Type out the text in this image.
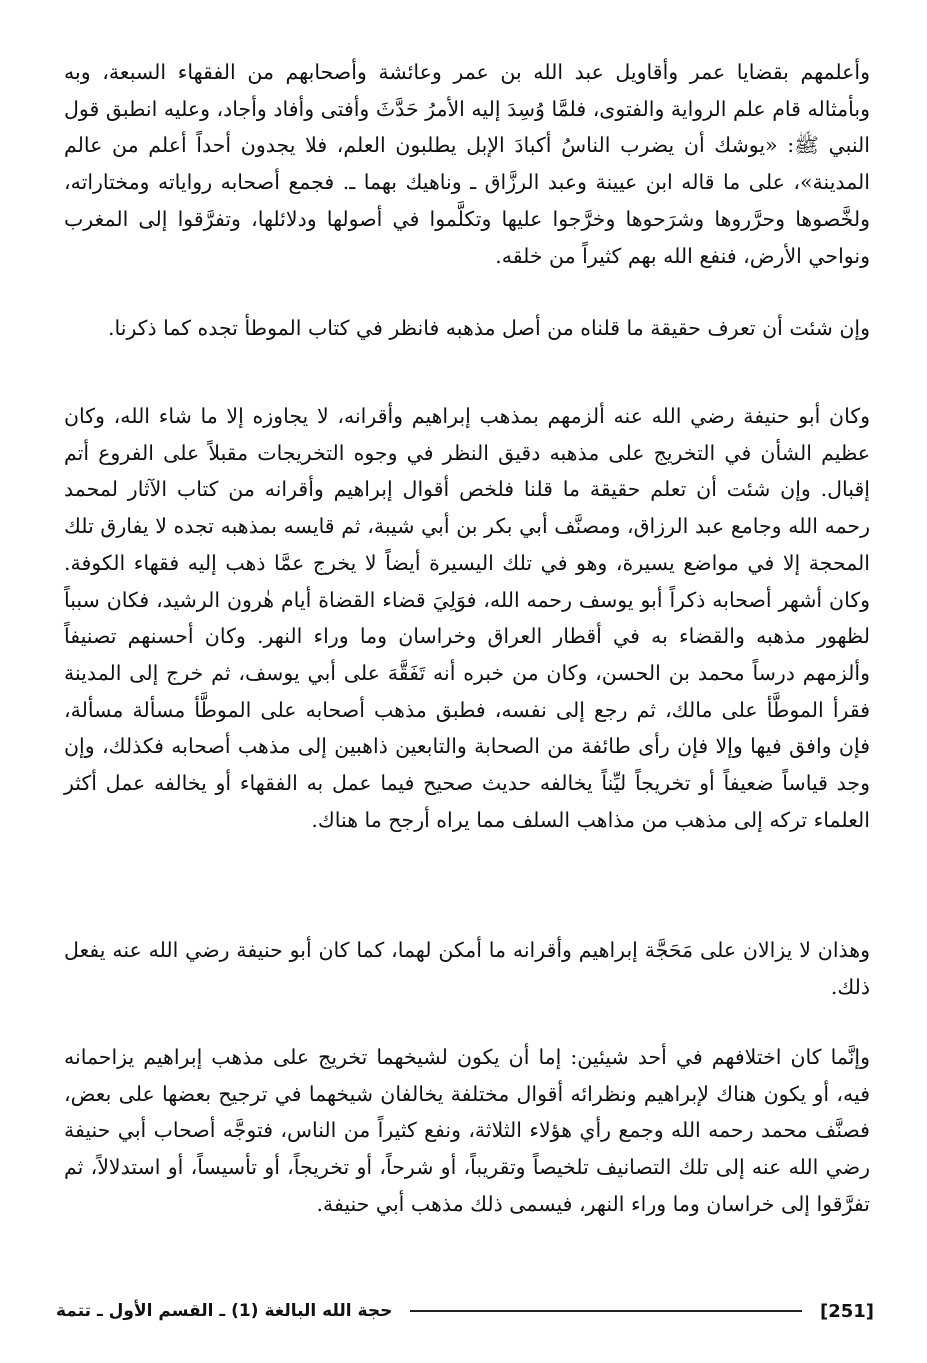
وأعلمهم بقضايا عمر وأقاويل عبد الله بن عمر وعائشة وأصحابهم من الفقهاء السبعة، وبه وبأمثاله قام علم الرواية والفتوى، فلمَّا وُسِدَ إليه الأمرُ حَدَّثَ وأفتى وأفاد وأجاد، وعليه انطبق قول النبي ﷺ: «يوشك أن يضرب الناسُ أكبادَ الإبل يطلبون العلم، فلا يجدون أحداً أعلم من عالم المدينة»، على ما قاله ابن عيينة وعبد الرزَّاق ـ وناهيك بهما ـ. فجمع أصحابه رواياته ومختاراته، ولخَّصوها وحرَّروها وشرَحوها وخرَّجوا عليها وتكلَّموا في أصولها ودلائلها، وتفرَّقوا إلى المغرب ونواحي الأرض، فنفع الله بهم كثيراً من خلقه.

وإن شئت أن تعرف حقيقة ما قلناه من أصل مذهبه فانظر في كتاب الموطأ تجده كما ذكرنا.

وكان أبو حنيفة رضي الله عنه ألزمهم بمذهب إبراهيم وأقرانه، لا يجاوزه إلا ما شاء الله، وكان عظيم الشأن في التخريج على مذهبه دقيق النظر في وجوه التخريجات مقبلاً على الفروع أتم إقبال. وإن شئت أن تعلم حقيقة ما قلنا فلخص أقوال إبراهيم وأقرانه من كتاب الآثار لمحمد رحمه الله وجامع عبد الرزاق، ومصنَّف أبي بكر بن أبي شيبة، ثم قايسه بمذهبه تجده لا يفارق تلك المحجة إلا في مواضع يسيرة، وهو في تلك اليسيرة أيضاً لا يخرج عمَّا ذهب إليه فقهاء الكوفة. وكان أشهر أصحابه ذكراً أبو يوسف رحمه الله، فوَلِيَ قضاء القضاة أيام هٰرون الرشيد، فكان سبباً لظهور مذهبه والقضاء به في أقطار العراق وخراسان وما وراء النهر. وكان أحسنهم تصنيفاً وألزمهم درساً محمد بن الحسن، وكان من خبره أنه تَفَقَّهَ على أبي يوسف، ثم خرج إلى المدينة فقرأ الموطَّأ على مالك، ثم رجع إلى نفسه، فطبق مذهب أصحابه على الموطَّأ مسألة مسألة، فإن وافق فيها وإلا فإن رأى طائفة من الصحابة والتابعين ذاهبين إلى مذهب أصحابه فكذلك، وإن وجد قياساً ضعيفاً أو تخريجاً ليِّناً يخالفه حديث صحيح فيما عمل به الفقهاء أو يخالفه عمل أكثر العلماء تركه إلى مذهب من مذاهب السلف مما يراه أرجح ما هناك.

وهذان لا يزالان على مَحَجَّة إبراهيم وأقرانه ما أمكن لهما، كما كان أبو حنيفة رضي الله عنه يفعل ذلك.

وإنَّما كان اختلافهم في أحد شيئين: إما أن يكون لشيخهما تخريج على مذهب إبراهيم يزاحمانه فيه، أو يكون هناك لإبراهيم ونظرائه أقوال مختلفة يخالفان شيخهما في ترجيح بعضها على بعض، فصنَّف محمد رحمه الله وجمع رأي هؤلاء الثلاثة، ونفع كثيراً من الناس، فتوجَّه أصحاب أبي حنيفة رضي الله عنه إلى تلك التصانيف تلخيصاً وتقريباً، أو شرحاً، أو تخريجاً، أو تأسيساً، أو استدلالاً، ثم تفرَّقوا إلى خراسان وما وراء النهر، فيسمى ذلك مذهب أبي حنيفة.

[251]
حجة الله البالغة (1) ـ القسم الأول ـ تتمة
